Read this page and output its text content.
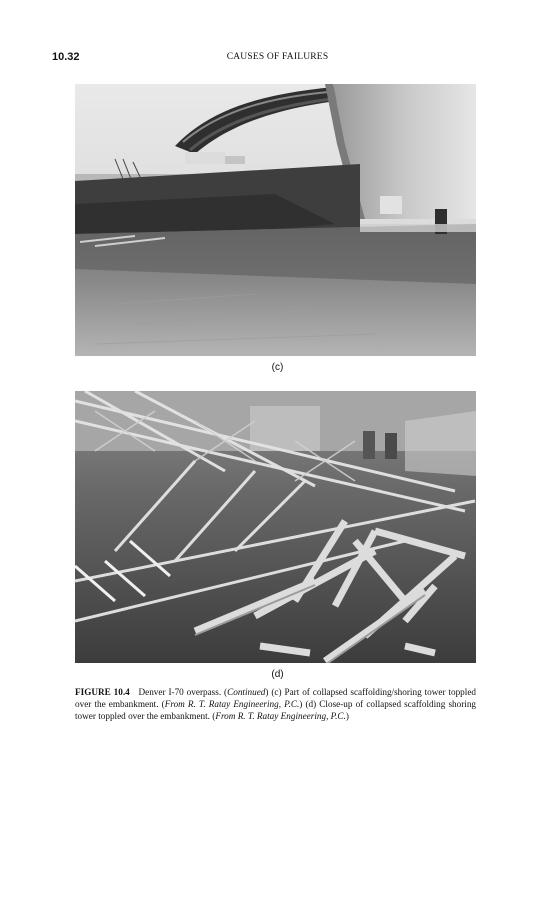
10.32	CAUSES OF FAILURES
(c)
(d)
FIGURE 10.4 Denver I-70 overpass. (Continued) (c) Part of collapsed scaffolding/shoring tower toppled over the embankment. (From R. T. Ratay Engineering, P.C.) (d) Close-up of collapsed scaffolding shoring tower toppled over the embankment. (From R. T. Ratay Engineering, P.C.)
